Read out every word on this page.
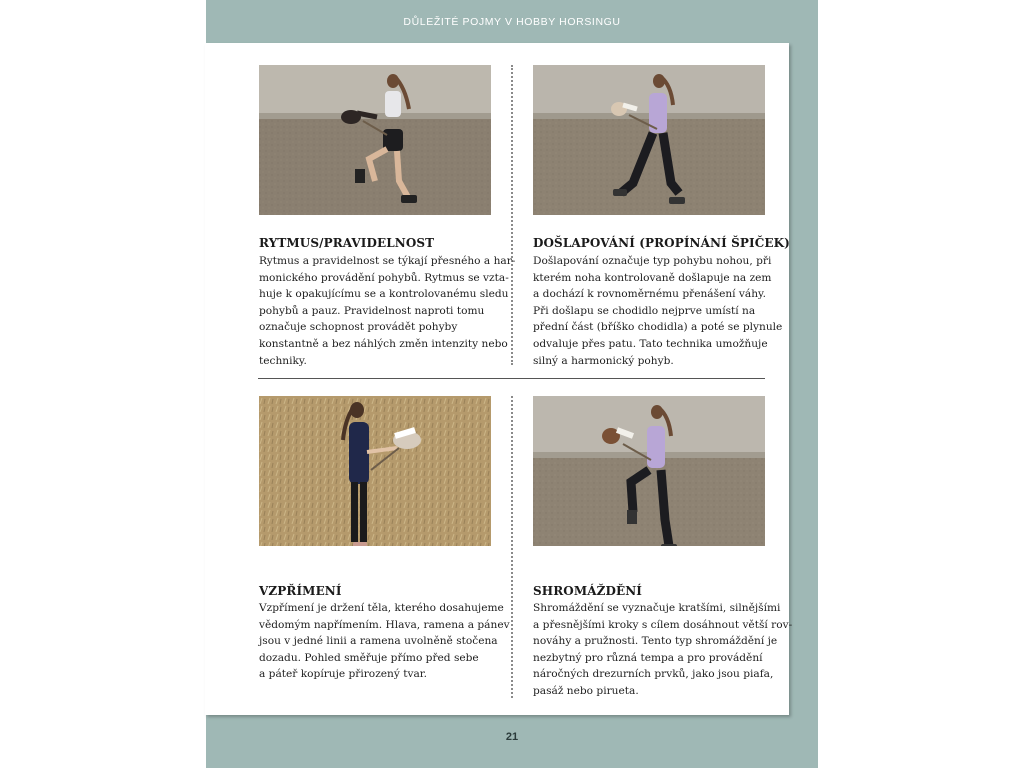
DŮLEŽITÉ POJMY V HOBBY HORSINGU
RYTMUS/PRAVIDELNOST
Rytmus a pravidelnost se týkají přesného a har-
monického provádění pohybů. Rytmus se vzta-
huje k opakujícímu se a kontrolovanému sledu
pohybů a pauz. Pravidelnost naproti tomu
označuje schopnost provádět pohyby
konstantně a bez náhlých změn intenzity nebo
techniky.
DOŠLAPOVÁNÍ (PROPÍNÁNÍ ŠPIČEK)
Došlapování označuje typ pohybu nohou, při
kterém noha kontrolovaně došlapuje na zem
a dochází k rovnoměrnému přenášení váhy.
Při došlapu se chodidlo nejprve umístí na
přední část (bříško chodidla) a poté se plynule
odvaluje přes patu. Tato technika umožňuje
silný a harmonický pohyb.
VZPŘÍMENÍ
Vzpřímení je držení těla, kterého dosahujeme
vědomým napřímením. Hlava, ramena a pánev
jsou v jedné linii a ramena uvolněně stočena
dozadu. Pohled směřuje přímo před sebe
a páteř kopíruje přirozený tvar.
SHROMÁŽDĚNÍ
Shromáždění se vyznačuje kratšími, silnějšími
a přesnějšími kroky s cílem dosáhnout větší rov-
nováhy a pružnosti. Tento typ shromáždění je
nezbytný pro různá tempa a pro provádění
náročných drezurních prvků, jako jsou piafa,
pasáž nebo pirueta.
21
